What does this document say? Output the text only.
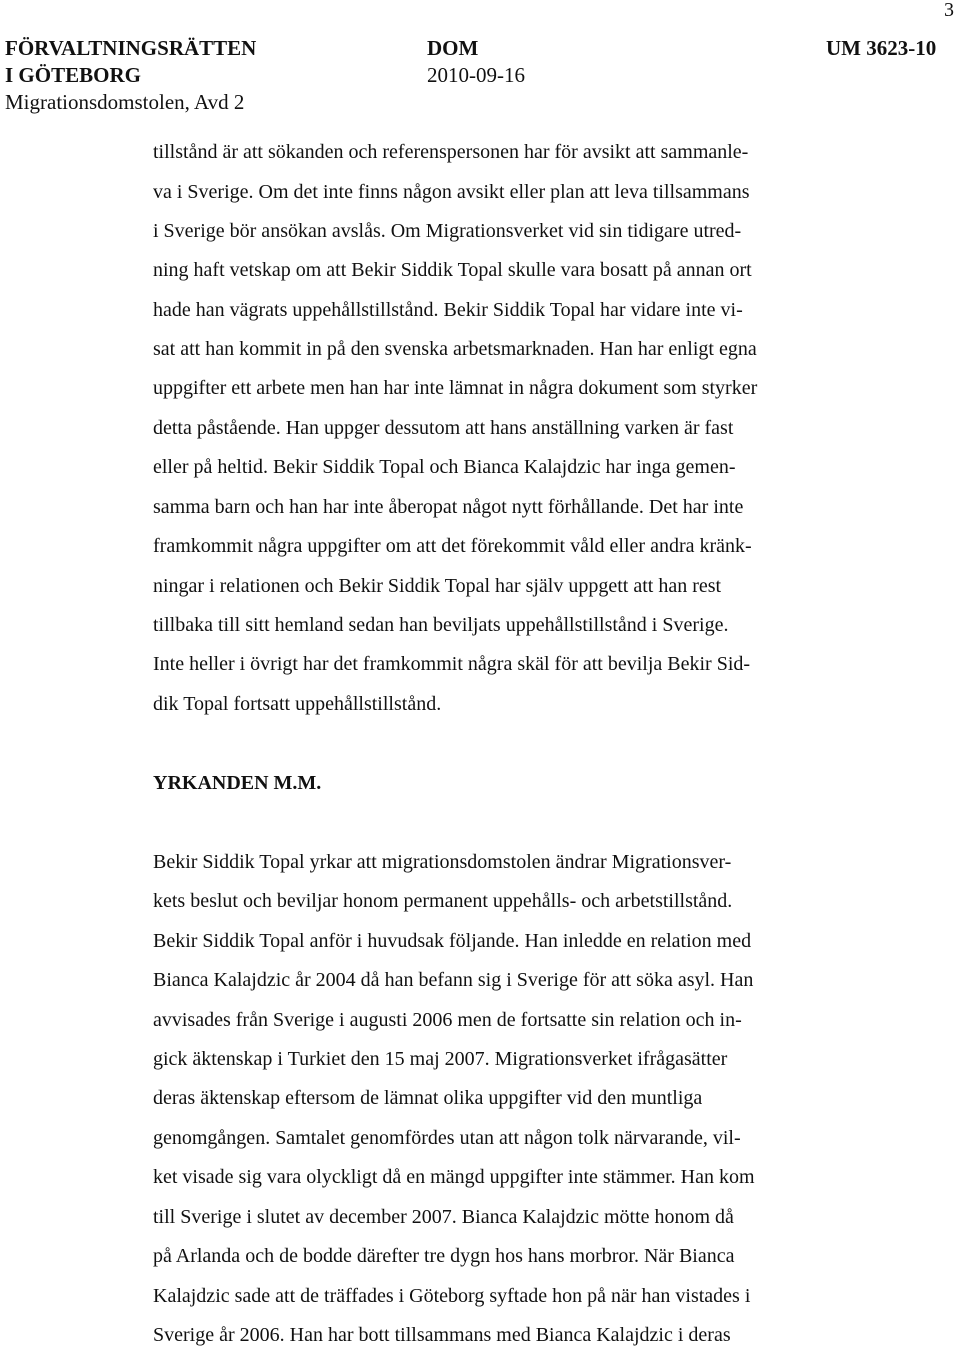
3
FÖRVALTNINGSRÄTTEN
I GÖTEBORG
Migrationsdomstolen, Avd 2
DOM
2010-09-16
UM 3623-10
tillstånd är att sökanden och referenspersonen har för avsikt att sammanle-
va i Sverige. Om det inte finns någon avsikt eller plan att leva tillsammans
i Sverige bör ansökan avslås. Om Migrationsverket vid sin tidigare utred-
ning haft vetskap om att Bekir Siddik Topal skulle vara bosatt på annan ort
hade han vägrats uppehållstillstånd. Bekir Siddik Topal har vidare inte vi-
sat att han kommit in på den svenska arbetsmarknaden. Han har enligt egna
uppgifter ett arbete men han har inte lämnat in några dokument som styrker
detta påstående. Han uppger dessutom att hans anställning varken är fast
eller på heltid. Bekir Siddik Topal och Bianca Kalajdzic har inga gemen-
samma barn och han har inte åberopat något nytt förhållande. Det har inte
framkommit några uppgifter om att det förekommit våld eller andra kränk-
ningar i relationen och Bekir Siddik Topal har själv uppgett att han rest
tillbaka till sitt hemland sedan han beviljats uppehållstillstånd i Sverige.
Inte heller i övrigt har det framkommit några skäl för att bevilja Bekir Sid-
dik Topal fortsatt uppehållstillstånd.
YRKANDEN M.M.
Bekir Siddik Topal yrkar att migrationsdomstolen ändrar Migrationsver-
kets beslut och beviljar honom permanent uppehålls- och arbetstillstånd.
Bekir Siddik Topal anför i huvudsak följande. Han inledde en relation med
Bianca Kalajdzic år 2004 då han befann sig i Sverige för att söka asyl. Han
avvisades från Sverige i augusti 2006 men de fortsatte sin relation och in-
gick äktenskap i Turkiet den 15 maj 2007. Migrationsverket ifrågasätter
deras äktenskap eftersom de lämnat olika uppgifter vid den muntliga
genomgången. Samtalet genomfördes utan att någon tolk närvarande, vil-
ket visade sig vara olyckligt då en mängd uppgifter inte stämmer. Han kom
till Sverige i slutet av december 2007. Bianca Kalajdzic mötte honom då
på Arlanda och de bodde därefter tre dygn hos hans morbror. När Bianca
Kalajdzic sade att de träffades i Göteborg syftade hon på när han vistades i
Sverige år 2006. Han har bott tillsammans med Bianca Kalajdzic i deras
